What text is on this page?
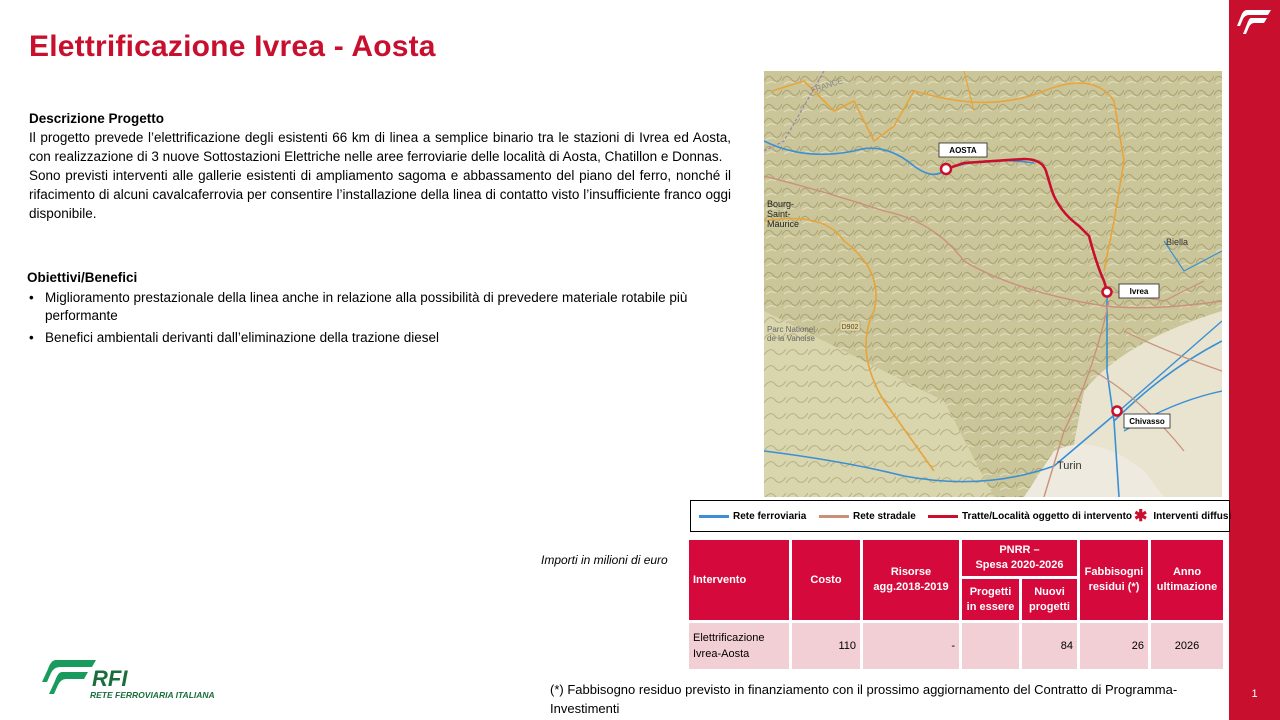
1
Elettrificazione Ivrea - Aosta
Descrizione Progetto

Il progetto prevede l’elettrificazione degli esistenti 66 km di linea a semplice binario tra le stazioni di Ivrea ed Aosta, con realizzazione di 3 nuove Sottostazioni Elettriche nelle aree ferroviarie delle località di Aosta, Chatillon e Donnas.

Sono previsti interventi alle gallerie esistenti di ampliamento sagoma e abbassamento del piano del ferro, nonché il rifacimento di alcuni cavalcaferrovia per consentire l’installazione della linea di contatto visto l’insufficiente franco oggi disponibile.

Obiettivi/Benefici
• Miglioramento prestazionale della linea anche in relazione alla possibilità di prevedere materiale rotabile più performante
• Benefici ambientali derivanti dall’eliminazione della trazione diesel
AOSTA
Ivrea
Chivasso
Bourg-
Saint-
Maurice
Biella
Turin
Parc Nationel
de la Vanoise
D902
FRANCE
Rete ferroviaria	Rete stradale	Tratte/Località oggetto di intervento ✱ Interventi diffusi
Importi in milioni di euro
Intervento	Costo	Risorse agg.2018-2019	PNRR –
Spesa 2020-2026		Fabbisogni residui (*)	Anno ultimazione
			Progetti in essere	Nuovi progetti		
Elettrificazione Ivrea-Aosta	110	-		84	26	2026
(*) Fabbisogno residuo previsto in finanziamento con il prossimo aggiornamento del Contratto di Programma-Investimenti
RFI
RETE FERROVIARIA ITALIANA
